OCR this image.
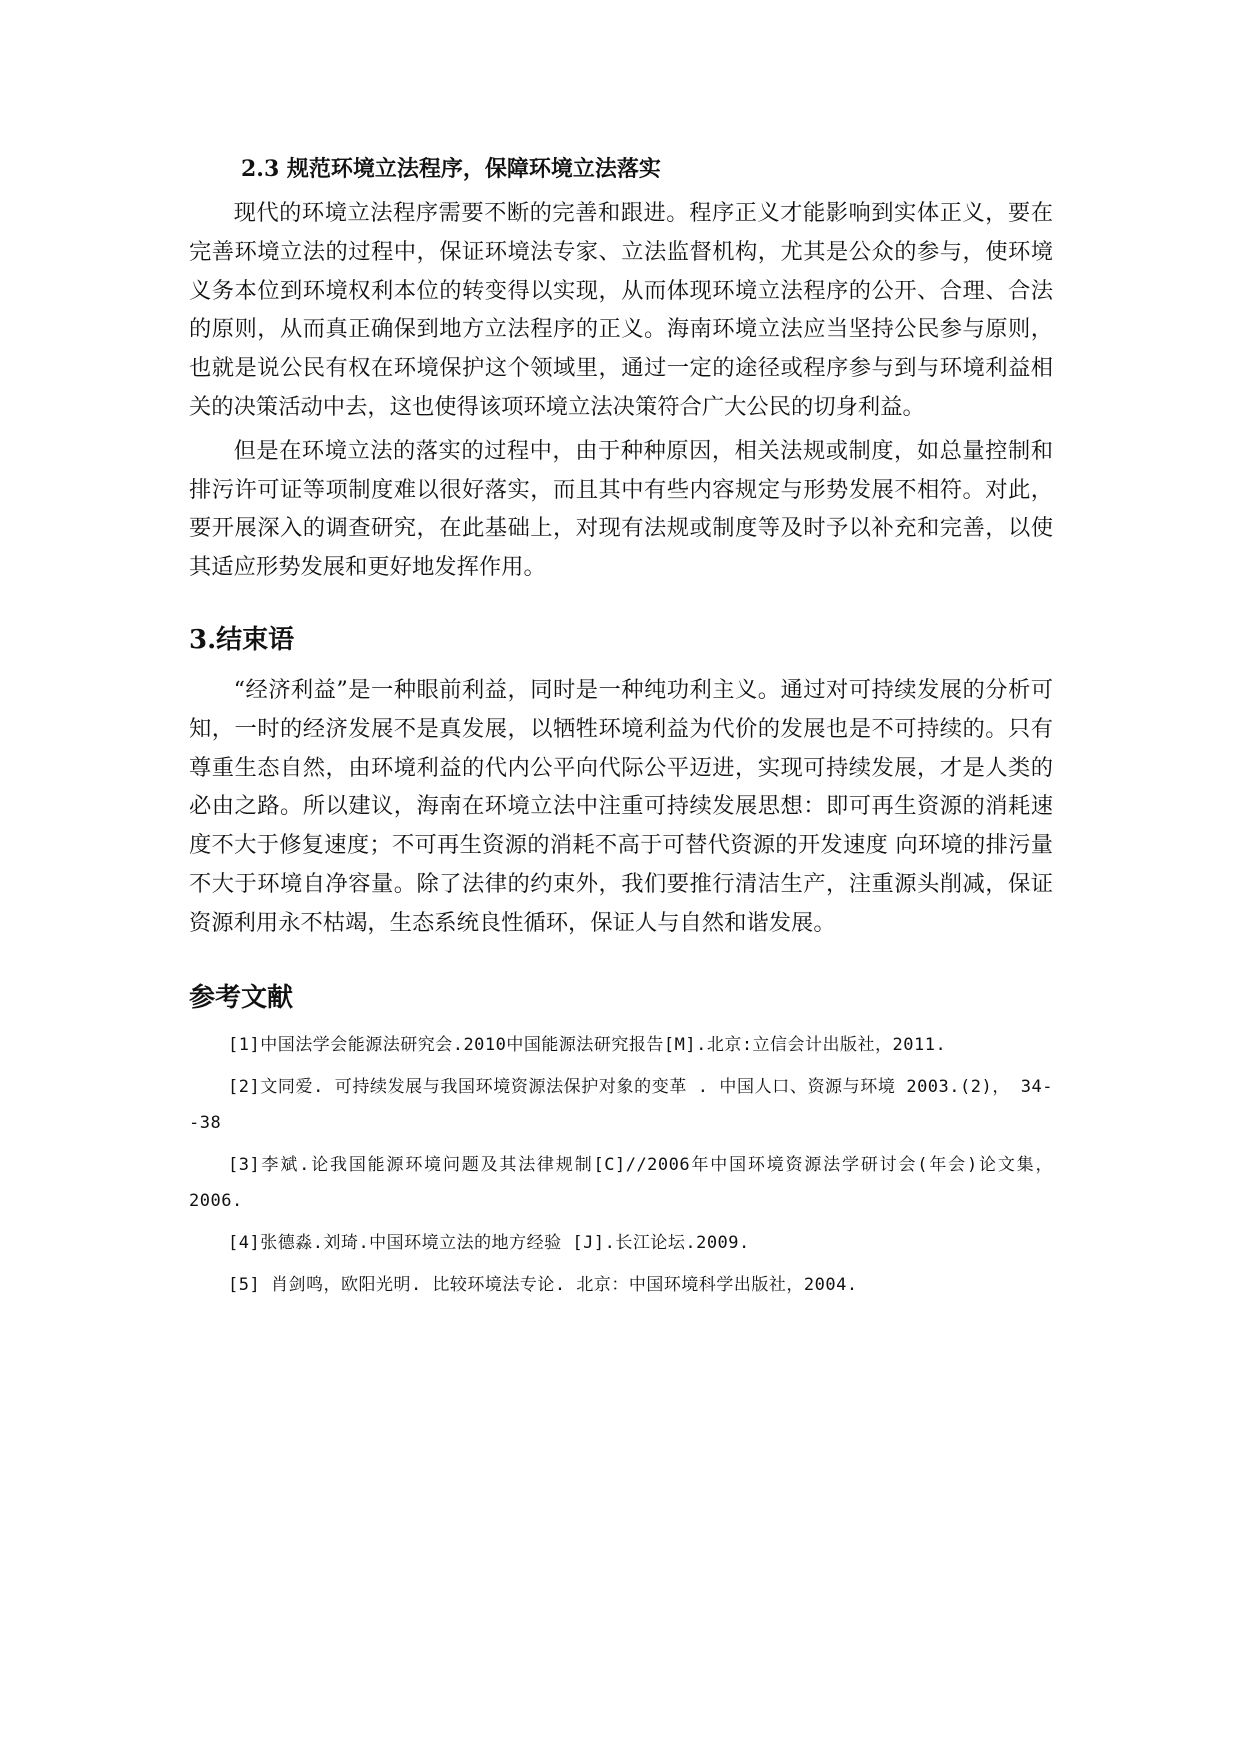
2.3 规范环境立法程序，保障环境立法落实

现代的环境立法程序需要不断的完善和跟进。程序正义才能影响到实体正义，要在完善环境立法的过程中，保证环境法专家、立法监督机构，尤其是公众的参与，使环境义务本位到环境权利本位的转变得以实现，从而体现环境立法程序的公开、合理、合法的原则，从而真正确保到地方立法程序的正义。海南环境立法应当坚持公民参与原则，也就是说公民有权在环境保护这个领域里，通过一定的途径或程序参与到与环境利益相关的决策活动中去，这也使得该项环境立法决策符合广大公民的切身利益。

但是在环境立法的落实的过程中，由于种种原因，相关法规或制度，如总量控制和排污许可证等项制度难以很好落实，而且其中有些内容规定与形势发展不相符。对此，要开展深入的调查研究，在此基础上，对现有法规或制度等及时予以补充和完善，以使其适应形势发展和更好地发挥作用。

3.结束语

“经济利益”是一种眼前利益，同时是一种纯功利主义。通过对可持续发展的分析可知，一时的经济发展不是真发展，以牺牲环境利益为代价的发展也是不可持续的。只有尊重生态自然，由环境利益的代内公平向代际公平迈进，实现可持续发展，才是人类的必由之路。所以建议，海南在环境立法中注重可持续发展思想：即可再生资源的消耗速度不大于修复速度；不可再生资源的消耗不高于可替代资源的开发速度 向环境的排污量不大于环境自净容量。除了法律的约束外，我们要推行清洁生产，注重源头削减，保证资源利用永不枯竭，生态系统良性循环，保证人与自然和谐发展。

参考文献

[1]中国法学会能源法研究会.2010中国能源法研究报告[M].北京:立信会计出版社，2011.

[2]文同爱. 可持续发展与我国环境资源法保护对象的变革 . 中国人口、资源与环境 2003.(2)， 34--38

[3]李斌.论我国能源环境问题及其法律规制[C]//2006年中国环境资源法学研讨会(年会)论文集，2006.

[4]张德淼.刘琦.中国环境立法的地方经验 [J].长江论坛.2009.

[5] 肖剑鸣，欧阳光明. 比较环境法专论. 北京：中国环境科学出版社，2004.
